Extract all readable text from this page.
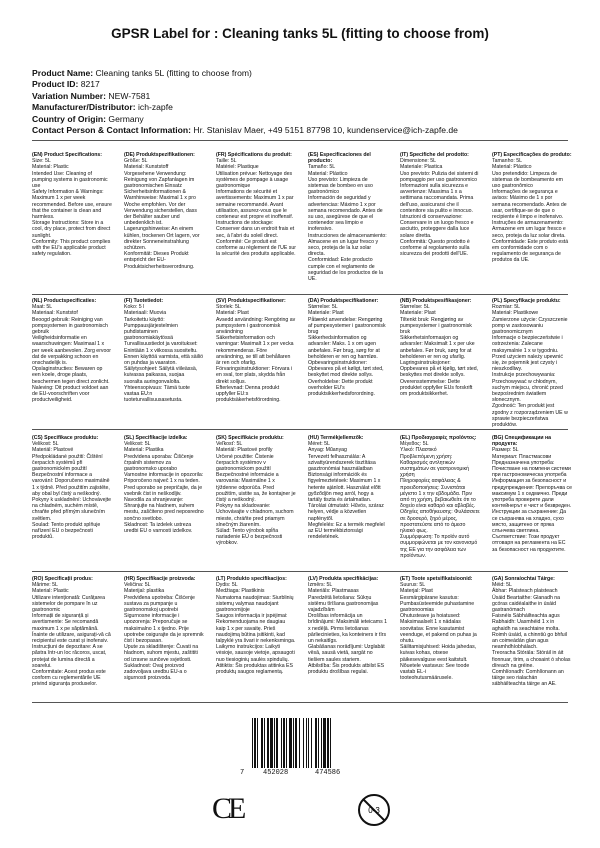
GPSR Label for : Cleaning tanks 5L (fitting to choose from)
Product Name: Cleaning tanks 5L (fitting to choose from)
Product ID: 8217
Variation Number: NEW-7581
Manufacturer/Distributor: ich-zapfe
Country of Origin: Germany
Contact Person & Contact Information: Hr. Stanislav Maer, +49 5151 87798 10, kundenservice@ich-zapfe.de
(EN) Product Specifications:
Size: 5L
Material: Plastic
Intended Use: Cleaning of pumping systems in gastronomic use
Safety Information & Warnings: Maximum 1 x per week recommended. Before use, ensure that the container is clean and harmless.
Storage Instructions: Store in a cool, dry place, protect from direct sunlight.
Conformity: This product complies with the EU's applicable product safety regulation.
(DE) Produktspezifikationen:
Größe: 5L
Material: Kunststoff
Vorgesehene Verwendung: Reinigung von Zapfanlagen im gastronomischen Einsatz
Sicherheitsinformationen & Warnhinweise: Maximal 1 x pro Woche empfohlen. Vor der Verwendung sicherstellen, dass der Behälter sauber und unbedenklich ist.
Lagerungshinweise: An einem kühlen, trockenen Ort lagern, vor direkter Sonneneinstrahlung schützen.
Konformität: Dieses Produkt entspricht der EU-Produktsicherheitsverordnung.
(FR) Spécifications du produit:
Taille: 5L
Matériel: Plastique
Utilisation prévue: Nettoyage des systèmes de pompage à usage gastronomique
Informations de sécurité et avertissements: Maximum 1 x par semaine recommandé. Avant utilisation, assurez-vous que le conteneur est propre et inoffensif.
Instructions de stockage: Conserver dans un endroit frais et sec, à l'abri du soleil direct.
Conformité: Ce produit est conforme au règlement de l'UE sur la sécurité des produits applicable.
(ES) Especificaciones del producto:
Tamaño: 5L
Material: Plástico
Uso previsto: Limpieza de sistemas de bombeo en uso gastronómico
Información de seguridad y advertencias: Máximo 1 x por semana recomendado. Antes de su uso, asegúrese de que el contenedor sea limpio e inofensivo.
Instrucciones de almacenamiento: Almacene en un lugar fresco y seco, proteja de la luz solar directa.
Conformidad: Este producto cumple con el reglamento de seguridad de los productos de la UE.
(IT) Specifiche del prodotto:
Dimensione: 5L
Materiale: Plastica
Uso previsto: Pulizia dei sistemi di pompaggio per uso gastronomico
Informazioni sulla sicurezza e avvertenze: Massima 1 x a settimana raccomandata. Prima dell'uso, assicurarsi che il contenitore sia pulito e innocuo.
Istruzioni di conservazione: Conservare in un luogo fresco e asciutto, proteggere dalla luce solare diretta.
Conformità: Questo prodotto è conforme al regolamento sulla sicurezza dei prodotti dell'UE.
(PT) Especificações do produto:
Tamanho: 5L
Material: Plástico
Uso pretendido: Limpeza de sistemas de bombeamento em uso gastronômico
Informações de segurança e avisos: Máximo de 1 x por semana recomendado. Antes de usar, certifique-se de que o recipiente é limpo e inofensivo.
Instruções de armazenamento: Armazene em um lugar fresco e seco, proteja da luz solar direta.
Conformidade: Este produto está em conformidade com o regulamento de segurança de produtos da UE.
(NL) Productspecificaties:
Maat: 5L
Materiaal: Kunststof
Beoogd gebruik: Reiniging van pompsystemen in gastronomisch gebruik
Veiligheidsinformatie en waarschuwingen: Maximaal 1 x per week aanbevolen. Zorg ervoor dat de verpakking schoon en onschadelijk is.
Opslaginstructies: Bewaren op een koele, droge plaats, beschermen tegen direct zonlicht.
Naleving: Dit product voldoet aan de EU-voorschriften voor productveiligheid.
(FI) Tuotetiedot:
Koko: 5 l
Materiaali: Muovia
Tarkoitettu käyttö: Pumppausjärjestelmien puhdistaminen gastronomiakäytössä
Turvallisuustiedot ja varoitukset: Enintään 1 x viikossa suositeltu. Ennen käyttöä varmista, että säiliö on puhdas ja vaaraton.
Säilytysohjeet: Säilytä viileässä, kuivassa paikassa, suojaa suoralta auringonvalolta.
Yhteensopivuus: Tämä tuote vastaa EU:n tuoteturvallisuusasetusta.
(SV) Produktspecifikationer:
Storlek: 5L
Material: Plast
Avsedd användning: Rengöring av pumpsystem i gastronomisk användning
Säkerhetsinformation och varningar: Maximalt 1 x per vecka rekommenderas. Före användning, se till att behållaren är ren och ofarlig.
Förvaringsinstruktioner: Förvara i en sval, torr plats, skydda från direkt solljus.
Efterlevnad: Denna produkt uppfyller EU:s produktsäkerhetsförordning.
(DA) Produktspecifikationer:
Størrelse: 5L
Materiale: Plast
Påtænkt anvendelse: Rengøring af pumpesystemer i gastronomisk brug
Sikkerhedsinformation og advarsler: Maks. 1 x om ugen anbefales. Før brug, sørg for at beholderen er ren og harmløs.
Opbevaringsinstruktioner: Opbevares på et køligt, tørt sted, beskyttet mod direkte sollys.
Overholdelse: Dette produkt overholder EU's produktsikkerhedsforordning.
(NB) Produktspesifikasjoner:
Størrelse: 5L
Materiale: Plast
Tiltenkt bruk: Rengjøring av pumpesystemer i gastronomisk bruk
Sikkerhetsinformasjon og advarsler: Maksimalt 1 x per uke anbefales. Før bruk, sørg for at beholderen er ren og ufarlig.
Lagringsinstruksjoner: Oppbevares på et kjølig, tørt sted, beskyttes mot direkte sollys.
Overensstemmelse: Dette produktet oppfyller EUs forskrift om produktsikkerhet.
(PL) Specyfikacje produktu:
Rozmiar: 5L
Materiał: Plastikowe
Zamierzone użycie: Czyszczenie pomp w zastosowaniu gastronomicznym
Informacje o bezpieczeństwie i ostrzeżenia: Zalecane maksymalnie 1 x w tygodniu. Przed użyciem należy upewnić się, że pojemnik jest czysty i nieszkodliwy.
Instrukcje przechowywania: Przechowywać w chłodnym, suchym miejscu, chronić przed bezpośrednim światłem słonecznym.
Zgodność: Ten produkt jest zgodny z rozporządzeniem UE w sprawie bezpieczeństwa produktów.
(CS) Specifikace produktu:
Velikost: 5L
Materiál: Plastové
Předpokládané použití: Čištění čerpacích systémů při gastronomickém použití
Bezpečnostní informace a varování: Doporučeno maximálně 1 x týdně. Před použitím zajistěte, aby obal byl čistý a neškodný.
Pokyny k uskladnění: Uchovávejte na chladném, suchém místě, chraňte před přímým slunečním světlem.
Soulad: Tento produkt splňuje nařízení EU o bezpečnosti produktů.
(SL) Specifikacije izdelka:
Velikost: 5L
Material: Plastika
Predvidena uporaba: Čiščenje črpalnih sistemov za gastronomsko uporabo
Varnostne informacije in opozorila: Priporočeno največ 1 x na teden. Pred uporabo se prepričajte, da je vsebnik čist in neškodljiv.
Navodila za shranjevanje: Shranjujte na hladnem, suhem mestu, zaščiteno pred neposredno sončno svetlobo.
Skladnost: Ta izdelek ustreza uredbi EU o varnosti izdelkov.
(SK) Špecifikácie produktu:
Veľkosť: 5L
Materiál: Plastové profily
Určené použitie: Čistenie čerpacích systémov v gastronomickom použití
Bezpečnostné informácie a varovania: Maximálne 1 x týždenne odporúča. Pred použitím, uistite sa, že kontajner je čistý a neškodný.
Pokyny na skladovanie: Uchovávajte v chladnom, suchom mieste, chráňte pred priamym slnečným žiarením.
Súlad: Tento výrobok spĺňa nariadenie EÚ o bezpečnosti výrobkov.
(HU) Termékjellemzők:
Méret: 5L
Anyag: Műanyag
Tervezett felhasználás: A szivattyúrendszerek tisztítása gasztronómiai használatban
Biztonsági információk és figyelmeztetések: Maximum 1 x hetente ajánlott. Használat előtt győződjön meg arról, hogy a tartály tiszta és ártalmatlan.
Tárolási útmutató: Hűvös, száraz helyen, védje a közvetlen napfénytől.
Megfelelés: Ez a termék megfelel az EU termékbiztonsági rendeletének.
(EL) Προδιαγραφές προϊόντος:
Μέγεθος: 5L
Υλικό: Πλαστικό
Προβλεπόμενη χρήση: Καθαρισμός αντλητικών συστημάτων σε γαστρονομική χρήση
Πληροφορίες ασφάλειας & προειδοποιήσεις: Συνιστάται μέγιστο 1 x την εβδομάδα. Πριν από τη χρήση, βεβαιωθείτε ότι το δοχείο είναι καθαρό και αβλαβές.
Οδηγίες αποθήκευσης: Φυλάσσετε σε δροσερό, ξηρό μέρος, προστατεύστε από το άμεσο ηλιακό φως.
Συμμόρφωση: Το προϊόν αυτό συμμορφώνεται με τον κανονισμό της ΕΕ για την ασφάλεια των προϊόντων.
(BG) Спецификации на продукта:
Размер: 5L
Материал: Пластмасови
Предназначена употреба: Почистване на помпени системи при гастрономическа употреба
Информация за безопасност и предупреждения: Препоръчва се максимум 1 х седмично. Преди употреба проверете дали контейнерът е чист и безвреден.
Инструкции за съхранение: Да се съхранява на хладно, сухо място, защитено от пряка слънчева светлина.
Съответствие: Този продукт отговаря на регламента на ЕС за безопасност на продуктите.
(RO) Specificații produs:
Mărime: 5L
Material: Plastic
Utilizare intenționată: Curățarea sistemelor de pompare în uz gastronomic
Informații de siguranță și avertismente: Se recomandă maximum 1 x pe săptămână. Înainte de utilizare, asigurați-vă că recipientul este curat și inofensiv.
Instrucțiuni de depozitare: A se păstra într-un loc răcoros, uscat, protejat de lumina directă a soarelui.
Conformitate: Acest produs este conform cu reglementările UE privind siguranța produselor.
(HR) Specifikacije proizvoda:
Veličina: 5L
Materijal: plastika
Predviđena upotreba: Čišćenje sustava za pumpanje u gastronomskoj upotrebi
Sigurnosne informacije i upozorenja: Preporučuje se maksimalno 1 x tjedno. Prije upotrebe osigurajte da je spremnik čist i bezopasan.
Upute za skladištenje: Čuvati na hladnom, suhom mjestu, zaštititi od izravne sunčeve svjetlosti.
Sukladnost: Ovaj proizvod zadovoljava uredbu EU-a o sigurnosti proizvoda.
(LT) Produkto specifikacijos:
Dydis: 5L
Medžiaga: Plastikinis
Numatoma naudojimas: Siurblinių sistemų valymas naudojant gastronomijoje
Saugos informacija ir įspėjimai: Rekomenduojama ne daugiau kaip 1 x per savaitę. Prieš naudojimą būtina įsitikinti, kad talpyklė yra švari ir nekenksminga.
Laikymo instrukcijos: Laikyti vėsioje, sausoje vietoje, apsaugoti nuo tiesioginių saulės spindulių.
Atitiktis: Šis produktas atitinka ES produktų saugos reglamentą.
(LV) Produkta specifikācijas:
Izmērs: 5L
Materiāls: Plastmasas
Paredzētā lietošana: Sūkņu sistēmu tīrīšana gastronomijas vajadzībām
Drošības informācija un brīdinājumi: Maksimāli ieteicams 1 x nedēļā. Pirms lietošanas pārliecinieties, ka konteiners ir tīrs un nekaitīgs.
Glabāšanas norādījumi: Uzglabāt vēsā, sausā vietā, sargāt no tiešiem saules stariem.
Atbilstība: Šis produkts atbilst ES produktu drošības regulai.
(ET) Toote spetsifikatsioonid:
Suurus: 5L
Materjal: Plast
Eesmärgipärane kasutus: Pumbasüsteemide puhastamine gastronoomias
Ohutusteave ja hoiatused: Maksimaalselt 1 x nädalas soovitatav. Enne kasutamist veenduge, et pakend on puhas ja ohutu.
Säilitamisjuhised: Hoida jahedas, kuivas kohas, otsese päikesevalguse eest kaitstult.
Nõuetele vastavus: See toode vastab EL-i tooteohutusmäärusele.
(GA) Sonraíochtaí Táirge:
Méid: 5L
Ábhar: Plaisteach plaisteach
Úsáid Beartaithe: Glanadh na gcóras caidéalaithe in úsáid gastranómach
Faisnéis Sábháilteachta agus Rabhaidh: Uasmhéid 1 x in aghaidh na seachtaine molta. Roimh úsáid, a chinntiú go bhfuil an coimeádán glan agus neamhdhíobhálach.
Treoracha Stórála: Stóráil in áit fionnuar, tirim, a chosaint ó sholas díreach na gréine.
Comhlíonadh: Comhlíonann an táirge seo rialachán sábháilteachta táirge an AE.
7	452028	474586
CE	0-3
